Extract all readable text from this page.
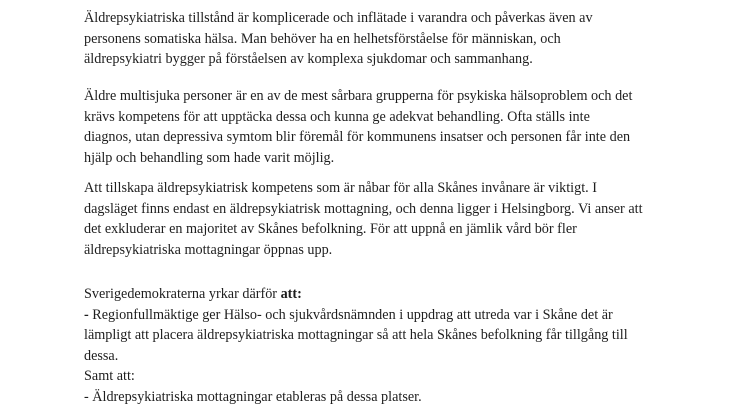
Äldrepsykiatriska tillstånd är komplicerade och inflätade i varandra och påverkas även av
personens somatiska hälsa. Man behöver ha en helhetsförståelse för människan, och
äldrepsykiatri bygger på förståelsen av komplexa sjukdomar och sammanhang.

Äldre multisjuka personer är en av de mest sårbara grupperna för psykiska hälsoproblem och det
krävs kompetens för att upptäcka dessa och kunna ge adekvat behandling. Ofta ställs inte
diagnos, utan depressiva symtom blir föremål för kommunens insatser och personen får inte den
hjälp och behandling som hade varit möjlig.

Att tillskapa äldrepsykiatrisk kompetens som är nåbar för alla Skånes invånare är viktigt. I
dagsläget finns endast en äldrepsykiatrisk mottagning, och denna ligger i Helsingborg. Vi anser att
det exkluderar en majoritet av Skånes befolkning. För att uppnå en jämlik vård bör fler
äldrepsykiatriska mottagningar öppnas upp.

Sverigedemokraterna yrkar därför att:
- Regionfullmäktige ger Hälso- och sjukvårdsnämnden i uppdrag att utreda var i Skåne det är
lämpligt att placera äldrepsykiatriska mottagningar så att hela Skånes befolkning får tillgång till
dessa.
Samt att:
- Äldrepsykiatriska mottagningar etableras på dessa platser.
